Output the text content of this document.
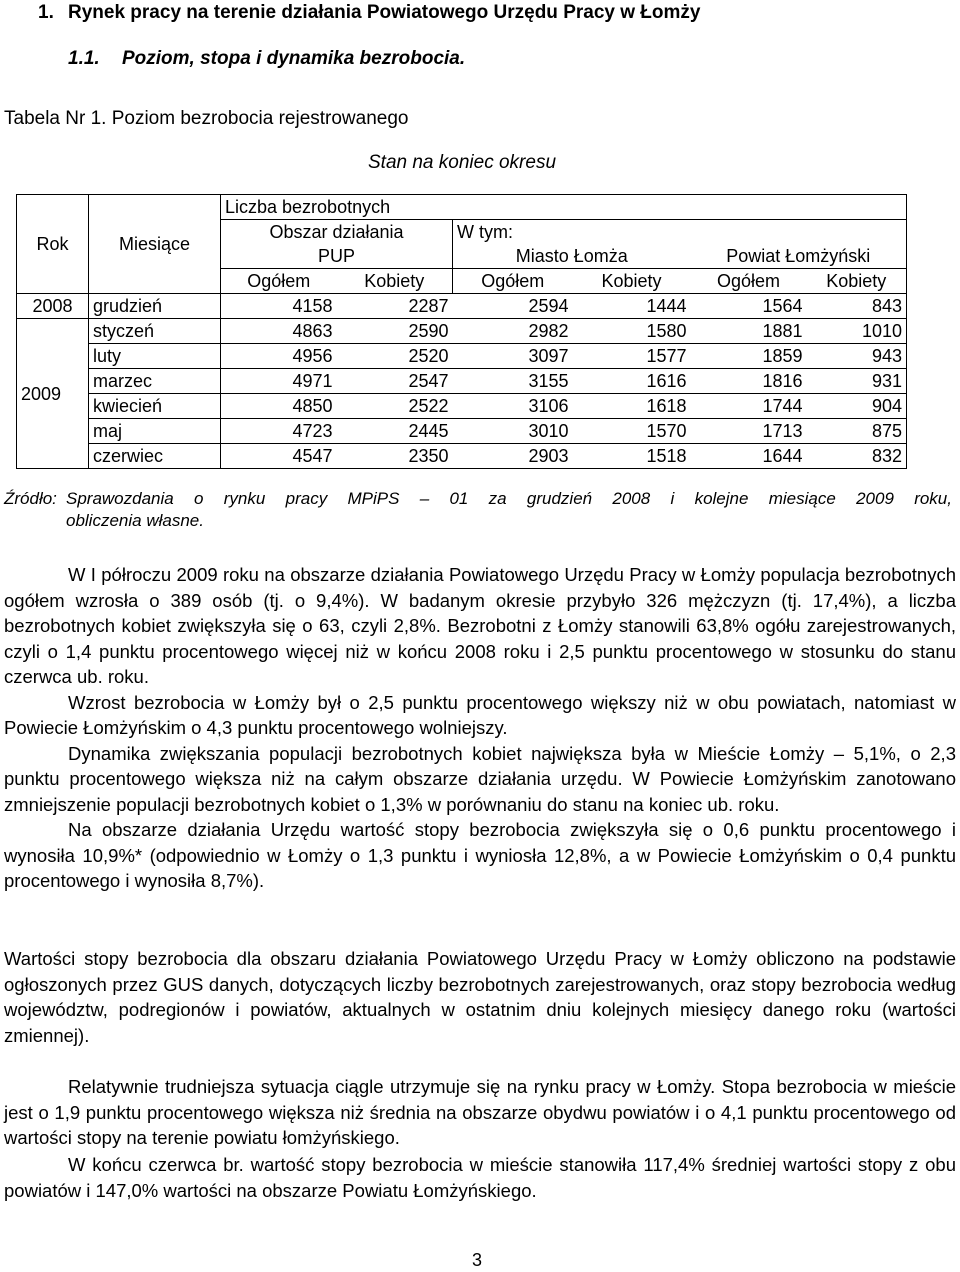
1. Rynek pracy na terenie działania Powiatowego Urzędu Pracy w Łomży
1.1. Poziom, stopa i dynamika bezrobocia.
Tabela Nr 1. Poziom bezrobocia rejestrowanego
Stan na koniec okresu
Rok	Miesiące	Liczba bezrobotnych					
		Obszar działania		W tym:			
		PUP		Miasto Łomża		Powiat Łomżyński	
		Ogółem	Kobiety	Ogółem	Kobiety	Ogółem	Kobiety
2008	grudzień	4158	2287	2594	1444	1564	843
2009	styczeń	4863	2590	2982	1580	1881	1010
	luty	4956	2520	3097	1577	1859	943
	marzec	4971	2547	3155	1616	1816	931
	kwiecień	4850	2522	3106	1618	1744	904
	maj	4723	2445	3010	1570	1713	875
	czerwiec	4547	2350	2903	1518	1644	832
Źródło: Sprawozdania o rynku pracy MPiPS – 01 za grudzień 2008 i kolejne miesiące 2009 roku,
obliczenia własne.

W I półroczu 2009 roku na obszarze działania Powiatowego Urzędu Pracy w Łomży populacja bezrobotnych ogółem wzrosła o 389 osób (tj. o 9,4%). W badanym okresie przybyło 326 mężczyzn (tj. 17,4%), a liczba bezrobotnych kobiet zwiększyła się o 63, czyli 2,8%. Bezrobotni z Łomży stanowili 63,8% ogółu zarejestrowanych, czyli o 1,4 punktu procentowego więcej niż w końcu 2008 roku i 2,5 punktu procentowego w stosunku do stanu czerwca ub. roku.

Wzrost bezrobocia w Łomży był o 2,5 punktu procentowego większy niż w obu powiatach, natomiast w Powiecie Łomżyńskim o 4,3 punktu procentowego wolniejszy.

Dynamika zwiększania populacji bezrobotnych kobiet największa była w Mieście Łomży – 5,1%, o 2,3 punktu procentowego większa niż na całym obszarze działania urzędu. W Powiecie Łomżyńskim zanotowano zmniejszenie populacji bezrobotnych kobiet o 1,3% w porównaniu do stanu na koniec ub. roku.

Na obszarze działania Urzędu wartość stopy bezrobocia zwiększyła się o 0,6 punktu procentowego i wynosiła 10,9%* (odpowiednio w Łomży o 1,3 punktu i wyniosła 12,8%, a w Powiecie Łomżyńskim o 0,4 punktu procentowego i wynosiła 8,7%).

Wartości stopy bezrobocia dla obszaru działania Powiatowego Urzędu Pracy w Łomży obliczono na podstawie ogłoszonych przez GUS danych, dotyczących liczby bezrobotnych zarejestrowanych, oraz stopy bezrobocia według województw, podregionów i powiatów, aktualnych w ostatnim dniu kolejnych miesięcy danego roku (wartości zmiennej).

Relatywnie trudniejsza sytuacja ciągle utrzymuje się na rynku pracy w Łomży. Stopa bezrobocia w mieście jest o 1,9 punktu procentowego większa niż średnia na obszarze obydwu powiatów i o 4,1 punktu procentowego od wartości stopy na terenie powiatu łomżyńskiego.

W końcu czerwca br. wartość stopy bezrobocia w mieście stanowiła 117,4% średniej wartości stopy z obu powiatów i 147,0% wartości na obszarze Powiatu Łomżyńskiego.

3
